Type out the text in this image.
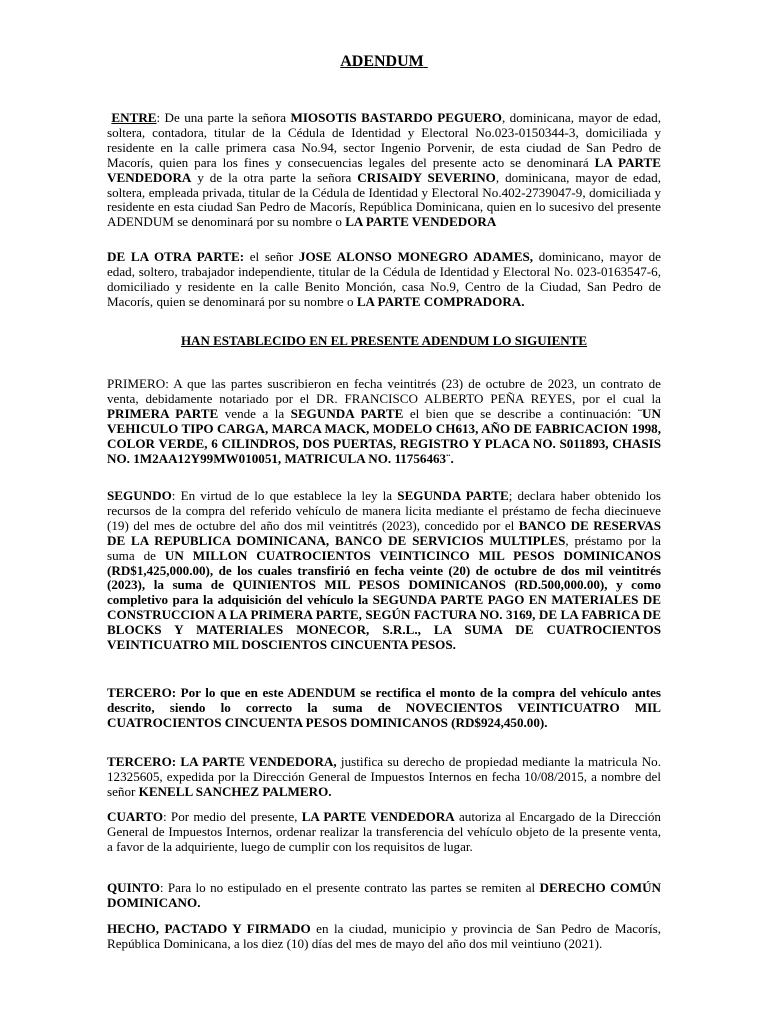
ADENDUM

ENTRE: De una parte la señora MIOSOTIS BASTARDO PEGUERO, dominicana, mayor de edad, soltera, contadora, titular de la Cédula de Identidad y Electoral No.023-0150344-3, domiciliada y residente en la calle primera casa No.94, sector Ingenio Porvenir, de esta ciudad de San Pedro de Macorís, quien para los fines y consecuencias legales del presente acto se denominará LA PARTE VENDEDORA y de la otra parte la señora CRISAIDY SEVERINO, dominicana, mayor de edad, soltera, empleada privada, titular de la Cédula de Identidad y Electoral No.402-2739047-9, domiciliada y residente en esta ciudad San Pedro de Macorís, República Dominicana, quien en lo sucesivo del presente ADENDUM se denominará por su nombre o LA PARTE VENDEDORA

DE LA OTRA PARTE: el señor JOSE ALONSO MONEGRO ADAMES, dominicano, mayor de edad, soltero, trabajador independiente, titular de la Cédula de Identidad y Electoral No. 023-0163547-6, domiciliado y residente en la calle Benito Monción, casa No.9, Centro de la Ciudad, San Pedro de Macorís, quien se denominará por su nombre o LA PARTE COMPRADORA.

HAN ESTABLECIDO EN EL PRESENTE ADENDUM LO SIGUIENTE

PRIMERO: A que las partes suscribieron en fecha veintitrés (23) de octubre de 2023, un contrato de venta, debidamente notariado por el DR. FRANCISCO ALBERTO PEÑA REYES, por el cual la PRIMERA PARTE vende a la SEGUNDA PARTE el bien que se describe a continuación: ¨UN VEHICULO TIPO CARGA, MARCA MACK, MODELO CH613, AÑO DE FABRICACION 1998, COLOR VERDE, 6 CILINDROS, DOS PUERTAS, REGISTRO Y PLACA NO. S011893, CHASIS NO. 1M2AA12Y99MW010051, MATRICULA NO. 11756463¨.

SEGUNDO: En virtud de lo que establece la ley la SEGUNDA PARTE; declara haber obtenido los recursos de la compra del referido vehículo de manera licita mediante el préstamo de fecha diecinueve (19) del mes de octubre del año dos mil veintitrés (2023), concedido por el BANCO DE RESERVAS DE LA REPUBLICA DOMINICANA, BANCO DE SERVICIOS MULTIPLES, préstamo por la suma de UN MILLON CUATROCIENTOS VEINTICINCO MIL PESOS DOMINICANOS (RD$1,425,000.00), de los cuales transfirió en fecha veinte (20) de octubre de dos mil veintitrés (2023), la suma de QUINIENTOS MIL PESOS DOMINICANOS (RD.500,000.00), y como completivo para la adquisición del vehículo la SEGUNDA PARTE PAGO EN MATERIALES DE CONSTRUCCION A LA PRIMERA PARTE, SEGÚN FACTURA NO. 3169, DE LA FABRICA DE BLOCKS Y MATERIALES MONECOR, S.R.L., LA SUMA DE CUATROCIENTOS VEINTICUATRO MIL DOSCIENTOS CINCUENTA PESOS.

TERCERO: Por lo que en este ADENDUM se rectifica el monto de la compra del vehículo antes descrito, siendo lo correcto la suma de NOVECIENTOS VEINTICUATRO MIL CUATROCIENTOS CINCUENTA PESOS DOMINICANOS (RD$924,450.00).

TERCERO: LA PARTE VENDEDORA, justifica su derecho de propiedad mediante la matricula No. 12325605, expedida por la Dirección General de Impuestos Internos en fecha 10/08/2015, a nombre del señor KENELL SANCHEZ PALMERO.

CUARTO: Por medio del presente, LA PARTE VENDEDORA autoriza al Encargado de la Dirección General de Impuestos Internos, ordenar realizar la transferencia del vehículo objeto de la presente venta, a favor de la adquiriente, luego de cumplir con los requisitos de lugar.

QUINTO: Para lo no estipulado en el presente contrato las partes se remiten al DERECHO COMÚN DOMINICANO.

HECHO, PACTADO Y FIRMADO en la ciudad, municipio y provincia de San Pedro de Macorís, República Dominicana, a los diez (10) días del mes de mayo del año dos mil veintiuno (2021).
